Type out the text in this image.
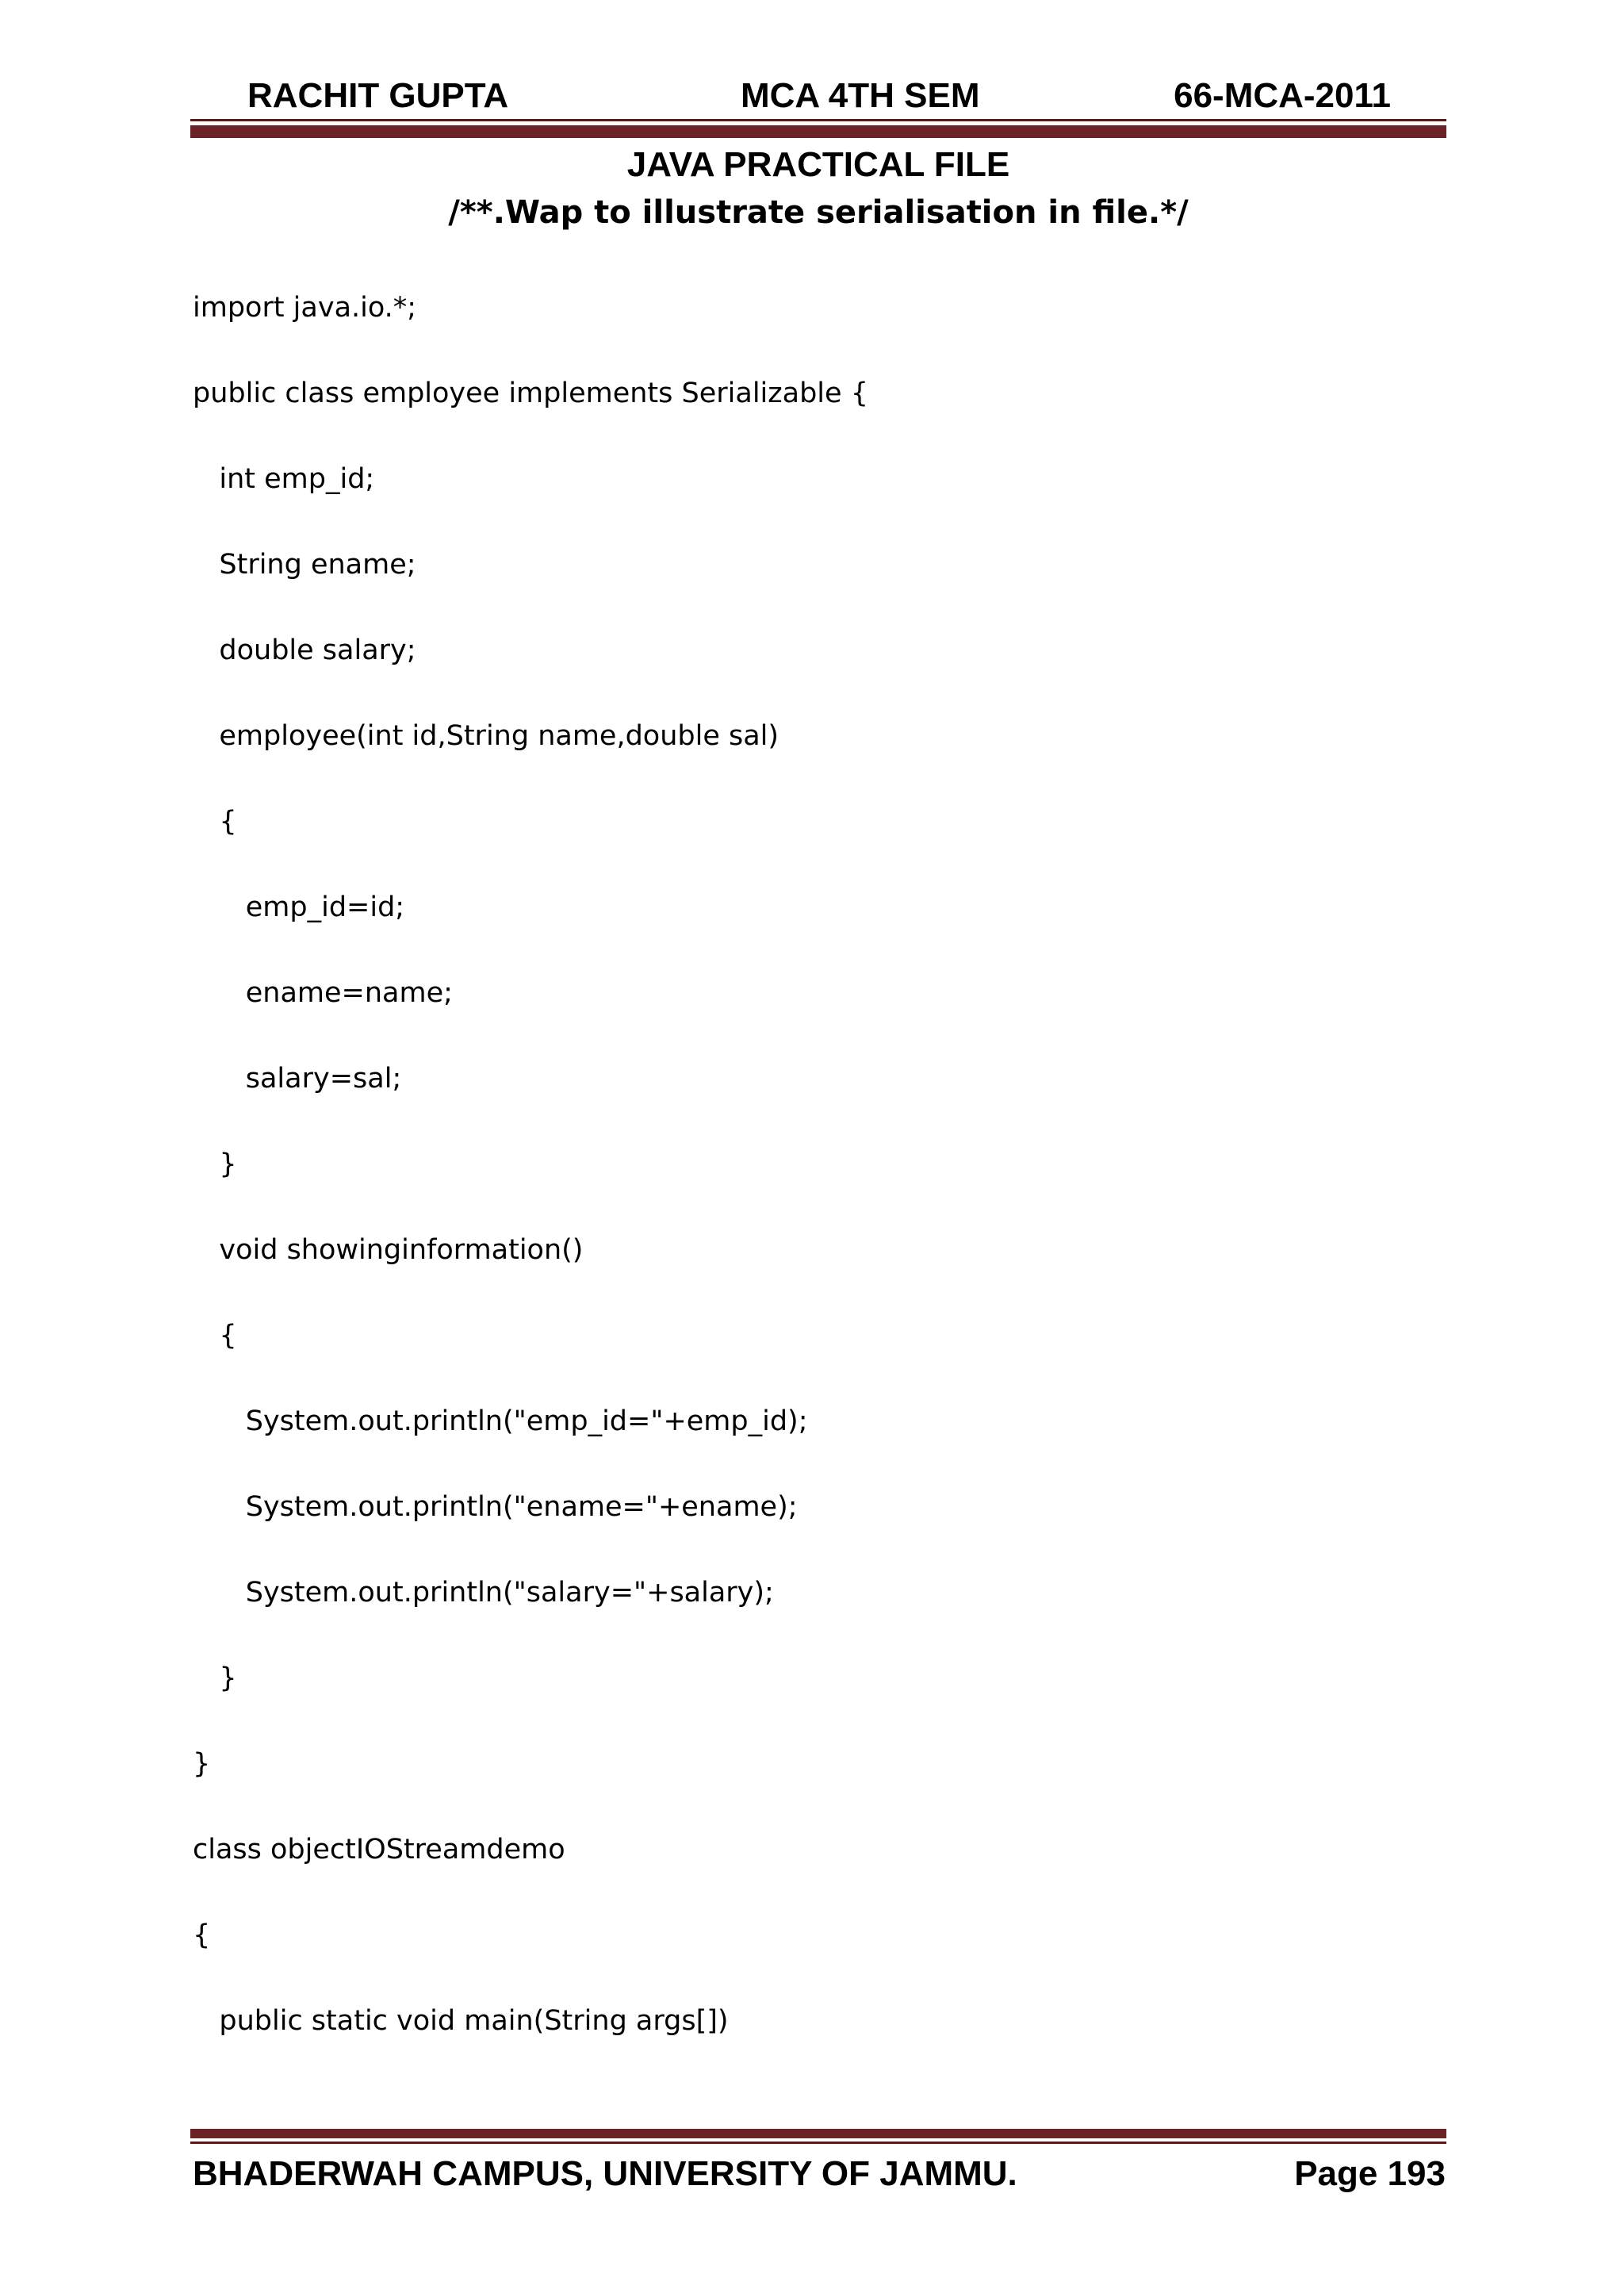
RACHIT GUPTA	MCA 4TH SEM	66-MCA-2011
JAVA PRACTICAL FILE
/**.Wap to illustrate serialisation in file.*/
import java.io.*;
public class employee implements Serializable {
int emp_id;
String ename;
double salary;
employee(int id,String name,double sal)
{
emp_id=id;
ename=name;
salary=sal;
}
void showinginformation()
{
System.out.println("emp_id="+emp_id);
System.out.println("ename="+ename);
System.out.println("salary="+salary);
}
}
class objectIOStreamdemo
{
public static void main(String args[])
BHADERWAH CAMPUS, UNIVERSITY OF JAMMU.	Page 193
